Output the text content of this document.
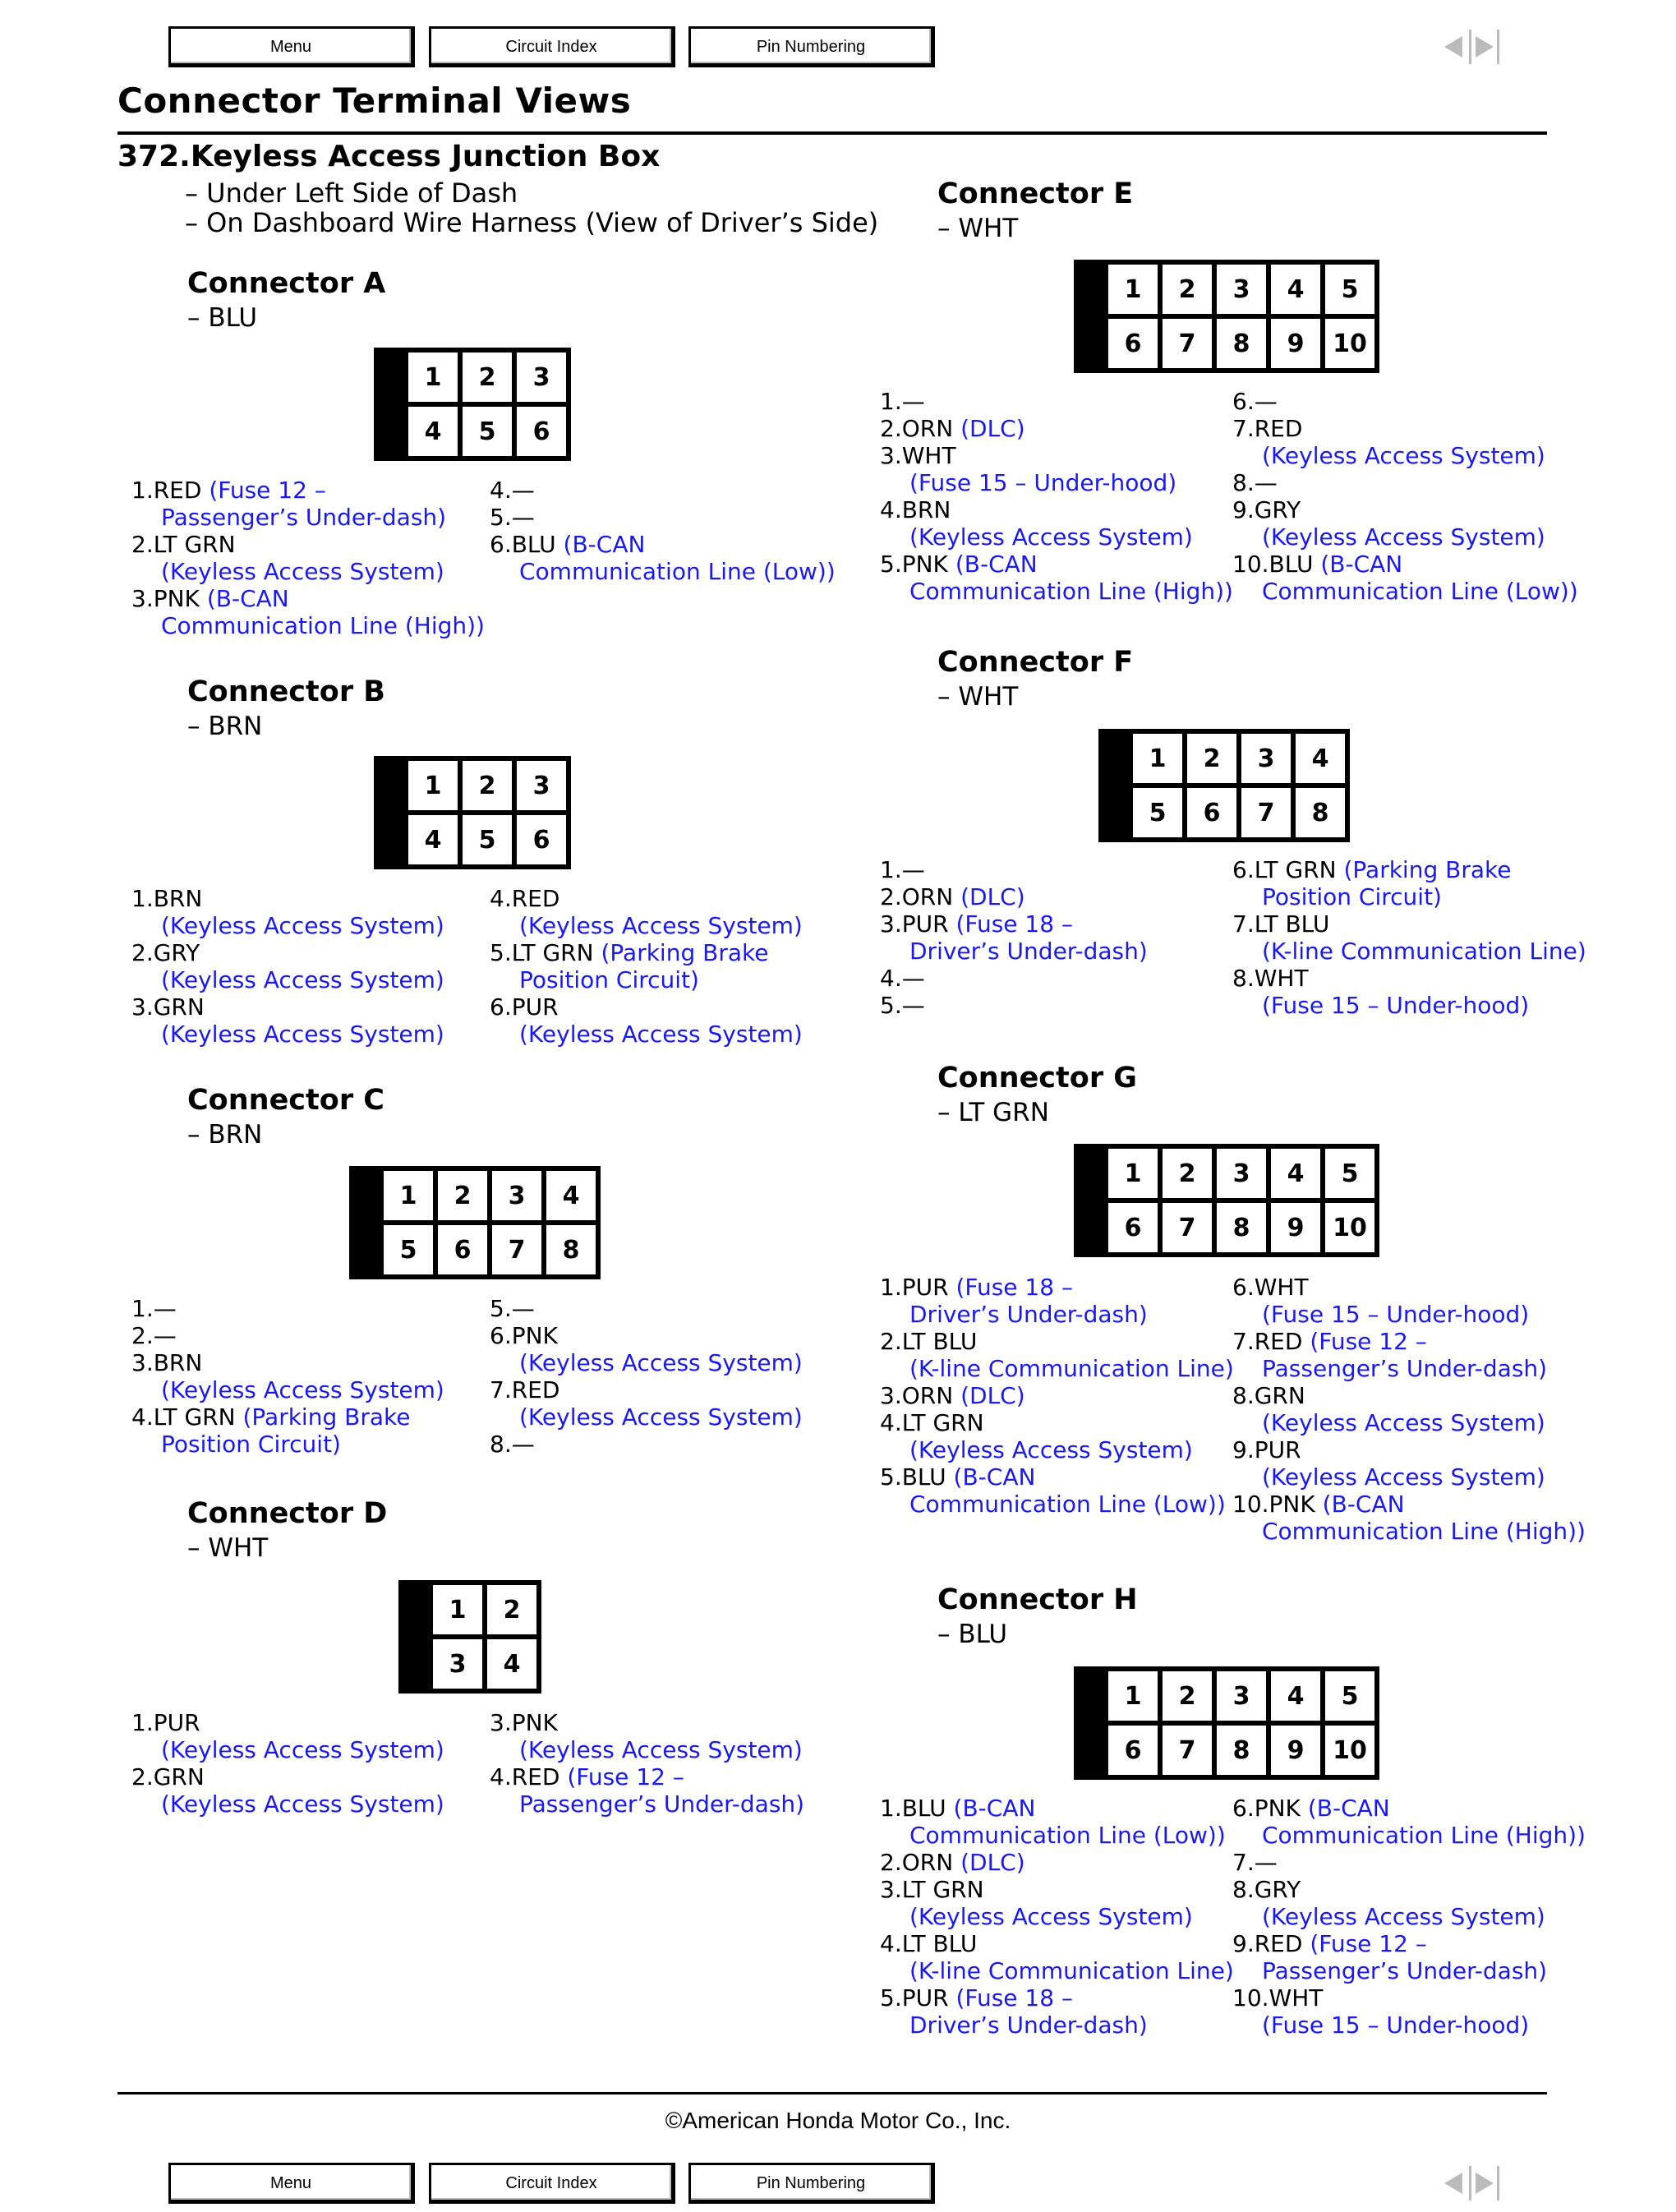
Menu	Circuit Index	Pin Numbering
Connector Terminal Views
372.Keyless Access Junction Box
– Under Left Side of Dash
– On Dashboard Wire Harness (View of Driver’s Side)
Connector A
– BLU
1	2	3
4	5	6
1.RED (Fuse 12 –
Passenger’s Under-dash)
2.LT GRN
(Keyless Access System)
3.PNK (B-CAN
Communication Line (High))
4.—
5.—
6.BLU (B-CAN
Communication Line (Low))
Connector B
– BRN
1	2	3
4	5	6
1.BRN
(Keyless Access System)
2.GRY
(Keyless Access System)
3.GRN
(Keyless Access System)
4.RED
(Keyless Access System)
5.LT GRN (Parking Brake
Position Circuit)
6.PUR
(Keyless Access System)
Connector C
– BRN
1	2	3	4
5	6	7	8
1.—
2.—
3.BRN
(Keyless Access System)
4.LT GRN (Parking Brake
Position Circuit)
5.—
6.PNK
(Keyless Access System)
7.RED
(Keyless Access System)
8.—
Connector D
– WHT
1	2
3	4
1.PUR
(Keyless Access System)
2.GRN
(Keyless Access System)
3.PNK
(Keyless Access System)
4.RED (Fuse 12 –
Passenger’s Under-dash)
Connector E
– WHT
1	2	3	4	5
6	7	8	9	10
1.—
2.ORN (DLC)
3.WHT
(Fuse 15 – Under-hood)
4.BRN
(Keyless Access System)
5.PNK (B-CAN
Communication Line (High))
6.—
7.RED
(Keyless Access System)
8.—
9.GRY
(Keyless Access System)
10.BLU (B-CAN
Communication Line (Low))
Connector F
– WHT
1	2	3	4
5	6	7	8
1.—
2.ORN (DLC)
3.PUR (Fuse 18 –
Driver’s Under-dash)
4.—
5.—
6.LT GRN (Parking Brake
Position Circuit)
7.LT BLU
(K-line Communication Line)
8.WHT
(Fuse 15 – Under-hood)
Connector G
– LT GRN
1	2	3	4	5
6	7	8	9	10
1.PUR (Fuse 18 –
Driver’s Under-dash)
2.LT BLU
(K-line Communication Line)
3.ORN (DLC)
4.LT GRN
(Keyless Access System)
5.BLU (B-CAN
Communication Line (Low))
6.WHT
(Fuse 15 – Under-hood)
7.RED (Fuse 12 –
Passenger’s Under-dash)
8.GRN
(Keyless Access System)
9.PUR
(Keyless Access System)
10.PNK (B-CAN
Communication Line (High))
Connector H
– BLU
1	2	3	4	5
6	7	8	9	10
1.BLU (B-CAN
Communication Line (Low))
2.ORN (DLC)
3.LT GRN
(Keyless Access System)
4.LT BLU
(K-line Communication Line)
5.PUR (Fuse 18 –
Driver’s Under-dash)
6.PNK (B-CAN
Communication Line (High))
7.—
8.GRY
(Keyless Access System)
9.RED (Fuse 12 –
Passenger’s Under-dash)
10.WHT
(Fuse 15 – Under-hood)
©American Honda Motor Co., Inc.
Menu	Circuit Index	Pin Numbering
